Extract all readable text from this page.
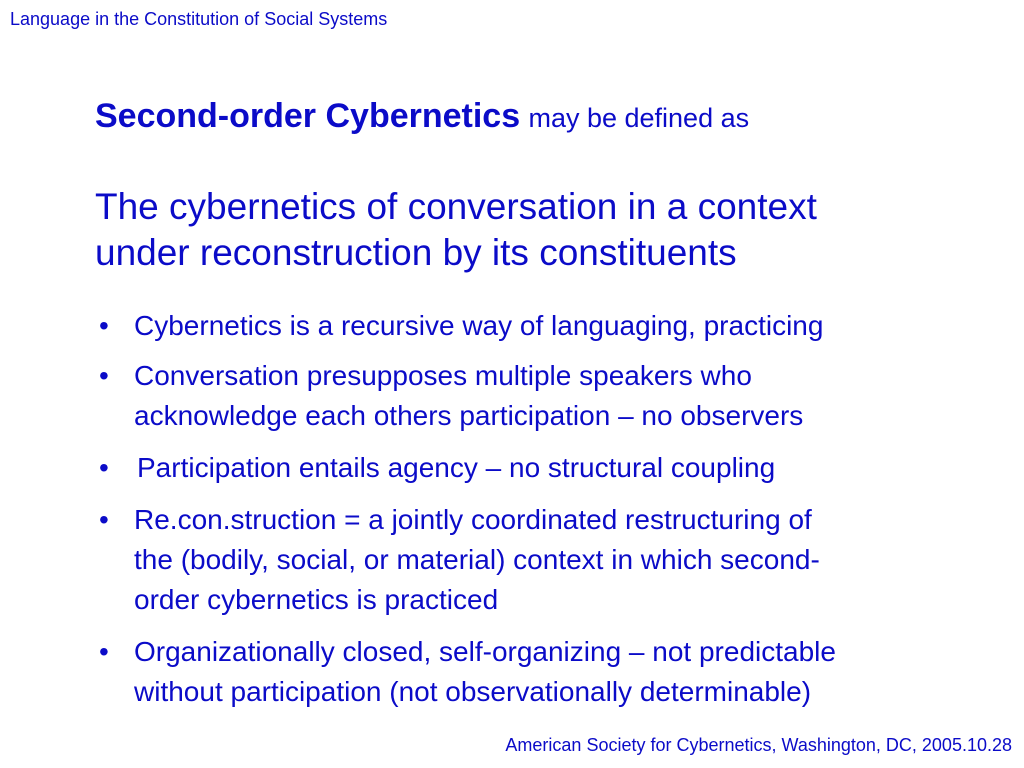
Language in the Constitution of Social Systems
Second-order Cybernetics may be defined as
The cybernetics of conversation in a context
under reconstruction by its constituents
• Cybernetics is a recursive way of languaging, practicing
• Conversation presupposes multiple speakers who
acknowledge each others participation – no observers
• Participation entails agency – no structural coupling
• Re.con.struction = a jointly coordinated restructuring of
the (bodily, social, or material) context in which second-
order cybernetics is practiced
• Organizationally closed, self-organizing – not predictable
without participation (not observationally determinable)
American Society for Cybernetics, Washington, DC, 2005.10.28
